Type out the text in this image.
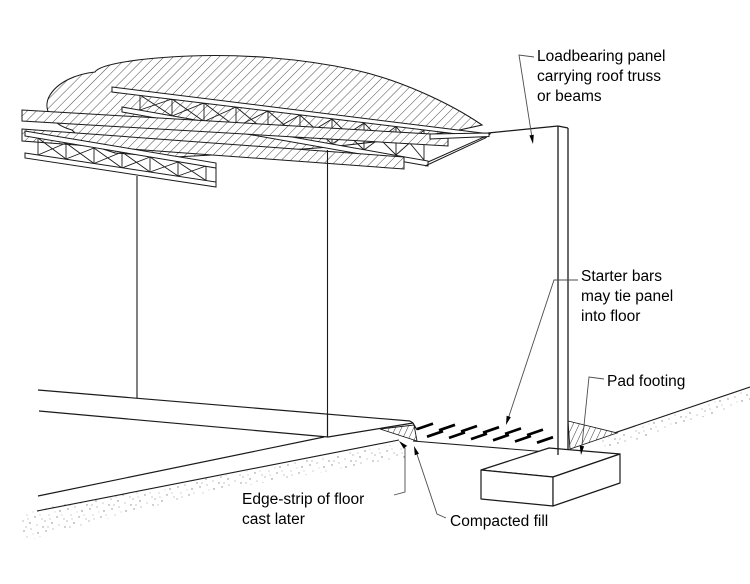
Loadbearing panel
carrying roof truss
or beams
Starter bars
may tie panel
into floor
Pad footing
Edge-strip of floor
cast later	Compacted fill
